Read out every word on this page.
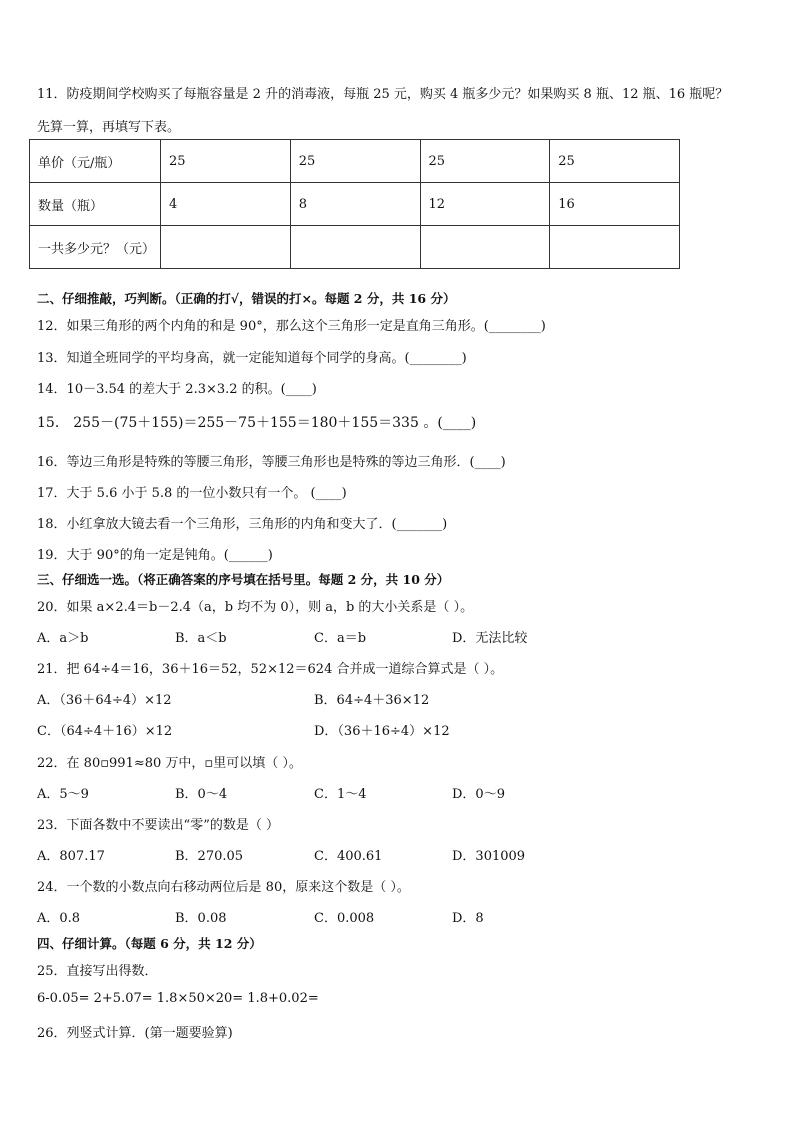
11．防疫期间学校购买了每瓶容量是 2 升的消毒液，每瓶 25 元，购买 4 瓶多少元？如果购买 8 瓶、12 瓶、16 瓶呢？
先算一算，再填写下表。
单价（元/瓶）	25	25	25	25
数量（瓶）	4	8	12	16
一共多少元？（元）				
二、仔细推敲，巧判断。（正确的打√，错误的打×。每题 2 分，共 16 分）
12．如果三角形的两个内角的和是 90°，那么这个三角形一定是直角三角形。(________)
13．知道全班同学的平均身高，就一定能知道每个同学的身高。(________)
14．10－3.54 的差大于 2.3×3.2 的积。(____)
15． 255－(75＋155)＝255－75＋155＝180＋155＝335 。(____)
16．等边三角形是特殊的等腰三角形，等腰三角形也是特殊的等边三角形．(____)
17．大于 5.6 小于 5.8 的一位小数只有一个。 (____)
18．小红拿放大镜去看一个三角形，三角形的内角和变大了．(_______)
19．大于 90°的角一定是钝角。(______)
三、仔细选一选。（将正确答案的序号填在括号里。每题 2 分，共 10 分）
20．如果 a×2.4＝b－2.4（a，b 均不为 0），则 a，b 的大小关系是（ ）。
A．a＞b	B．a＜b	C．a＝b	D．无法比较
21．把 64÷4＝16，36＋16＝52，52×12＝624 合并成一道综合算式是（ ）。
A．（36＋64÷4）×12	B．64÷4＋36×12
C．（64÷4＋16）×12	D．（36＋16÷4）×12
22．在 80▫991≈80 万中，▫里可以填（ ）。
A．5～9	B．0～4	C．1～4	D．0～9
23．下面各数中不要读出“零”的数是（ ）
A．807.17	B．270.05	C．400.61	D．301009
24．一个数的小数点向右移动两位后是 80，原来这个数是（ ）。
A．0.8	B．0.08	C．0.008	D．8
四、仔细计算。（每题 6 分，共 12 分）
25．直接写出得数．
6-0.05= 2+5.07= 1.8×50×20= 1.8+0.02=
26．列竖式计算．(第一题要验算)
